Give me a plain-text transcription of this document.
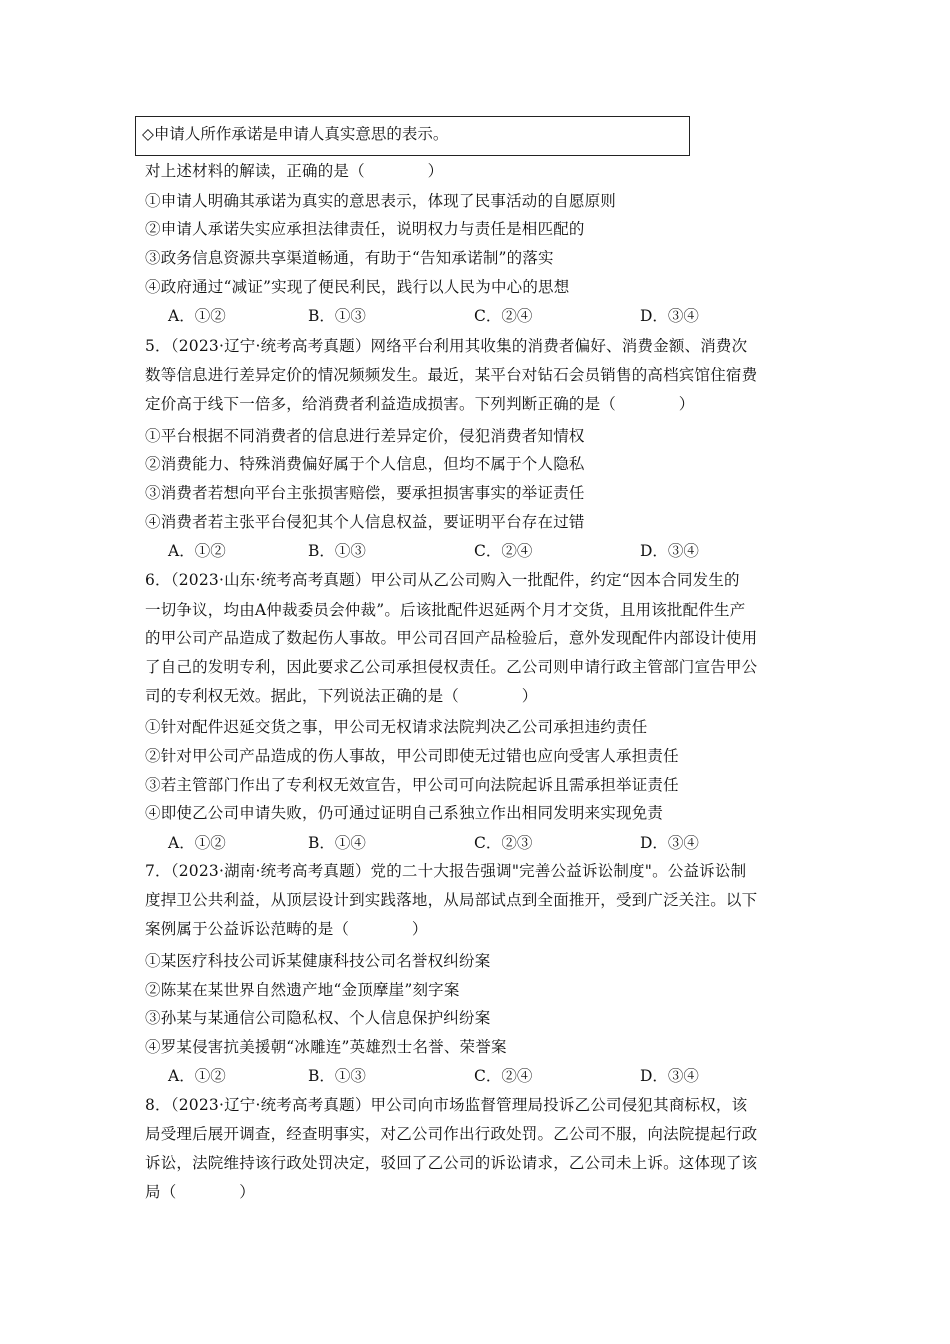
◇申请人所作承诺是申请人真实意思的表示。
对上述材料的解读，正确的是（　　　　）
①申请人明确其承诺为真实的意思表示，体现了民事活动的自愿原则
②申请人承诺失实应承担法律责任，说明权力与责任是相匹配的
③政务信息资源共享渠道畅通，有助于“告知承诺制”的落实
④政府通过“减证”实现了便民利民，践行以人民为中心的思想
A．①②	B．①③	C．②④	D．③④
5．（2023·辽宁·统考高考真题）网络平台利用其收集的消费者偏好、消费金额、消费次
数等信息进行差异定价的情况频频发生。最近，某平台对钻石会员销售的高档宾馆住宿费
定价高于线下一倍多，给消费者利益造成损害。下列判断正确的是（　　　　）
①平台根据不同消费者的信息进行差异定价，侵犯消费者知情权
②消费能力、特殊消费偏好属于个人信息，但均不属于个人隐私
③消费者若想向平台主张损害赔偿，要承担损害事实的举证责任
④消费者若主张平台侵犯其个人信息权益，要证明平台存在过错
A．①②	B．①③	C．②④	D．③④
6．（2023·山东·统考高考真题）甲公司从乙公司购入一批配件，约定“因本合同发生的
一切争议，均由A仲裁委员会仲裁”。后该批配件迟延两个月才交货，且用该批配件生产
的甲公司产品造成了数起伤人事故。甲公司召回产品检验后，意外发现配件内部设计使用
了自己的发明专利，因此要求乙公司承担侵权责任。乙公司则申请行政主管部门宣告甲公
司的专利权无效。据此，下列说法正确的是（　　　　）
①针对配件迟延交货之事，甲公司无权请求法院判决乙公司承担违约责任
②针对甲公司产品造成的伤人事故，甲公司即使无过错也应向受害人承担责任
③若主管部门作出了专利权无效宣告，甲公司可向法院起诉且需承担举证责任
④即使乙公司申请失败，仍可通过证明自己系独立作出相同发明来实现免责
A．①②	B．①④	C．②③	D．③④
7．（2023·湖南·统考高考真题）党的二十大报告强调"完善公益诉讼制度"。公益诉讼制
度捍卫公共利益，从顶层设计到实践落地，从局部试点到全面推开，受到广泛关注。以下
案例属于公益诉讼范畴的是（　　　　）
①某医疗科技公司诉某健康科技公司名誉权纠纷案
②陈某在某世界自然遗产地“金顶摩崖”刻字案
③孙某与某通信公司隐私权、个人信息保护纠纷案
④罗某侵害抗美援朝“冰雕连”英雄烈士名誉、荣誉案
A．①②	B．①③	C．②④	D．③④
8．（2023·辽宁·统考高考真题）甲公司向市场监督管理局投诉乙公司侵犯其商标权，该
局受理后展开调查，经查明事实，对乙公司作出行政处罚。乙公司不服，向法院提起行政
诉讼，法院维持该行政处罚决定，驳回了乙公司的诉讼请求，乙公司未上诉。这体现了该
局（　　　　）
